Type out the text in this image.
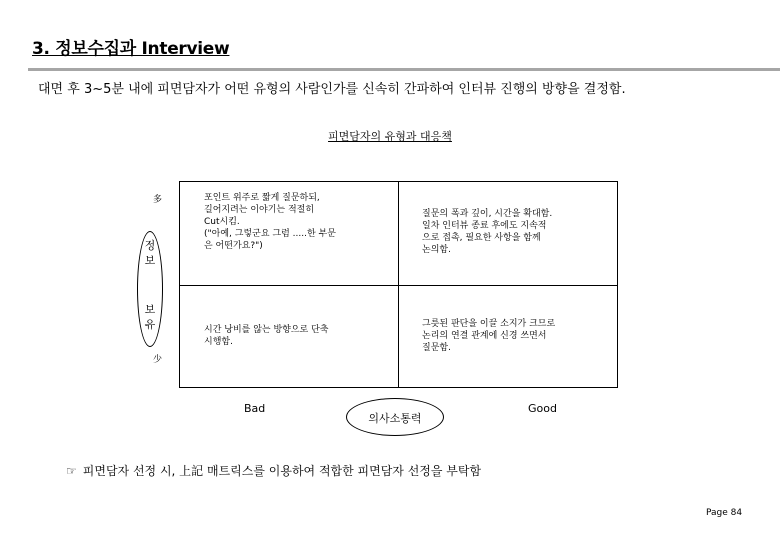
3. 정보수집과 Interview
대면 후 3~5분 내에 피면담자가 어떤 유형의 사람인가를 신속히 간파하여 인터뷰 진행의 방향을 결정함.
피면담자의 유형과 대응책
포인트 위주로 짧게 질문하되,
길어지려는 이야기는 적절히
Cut시킴.
("아예, 그렇군요 그럼 .....한 부문
은 어떤가요?")
질문의 폭과 깊이, 시간을 확대함.
일차 인터뷰 종료 후에도 지속적
으로 접촉, 필요한 사항을 함께
논의함.
시간 낭비를 않는 방향으로 단축
시행함.
그릇된 판단을 이끌 소지가 크므로
논리의 연결 관계에 신경 쓰면서
질문함.
多
少
정보
보유
Bad	Good
의사소통력
☞ 피면담자 선정 시, 上記 매트릭스를 이용하여 적합한 피면담자 선정을 부탁함
Page 84
